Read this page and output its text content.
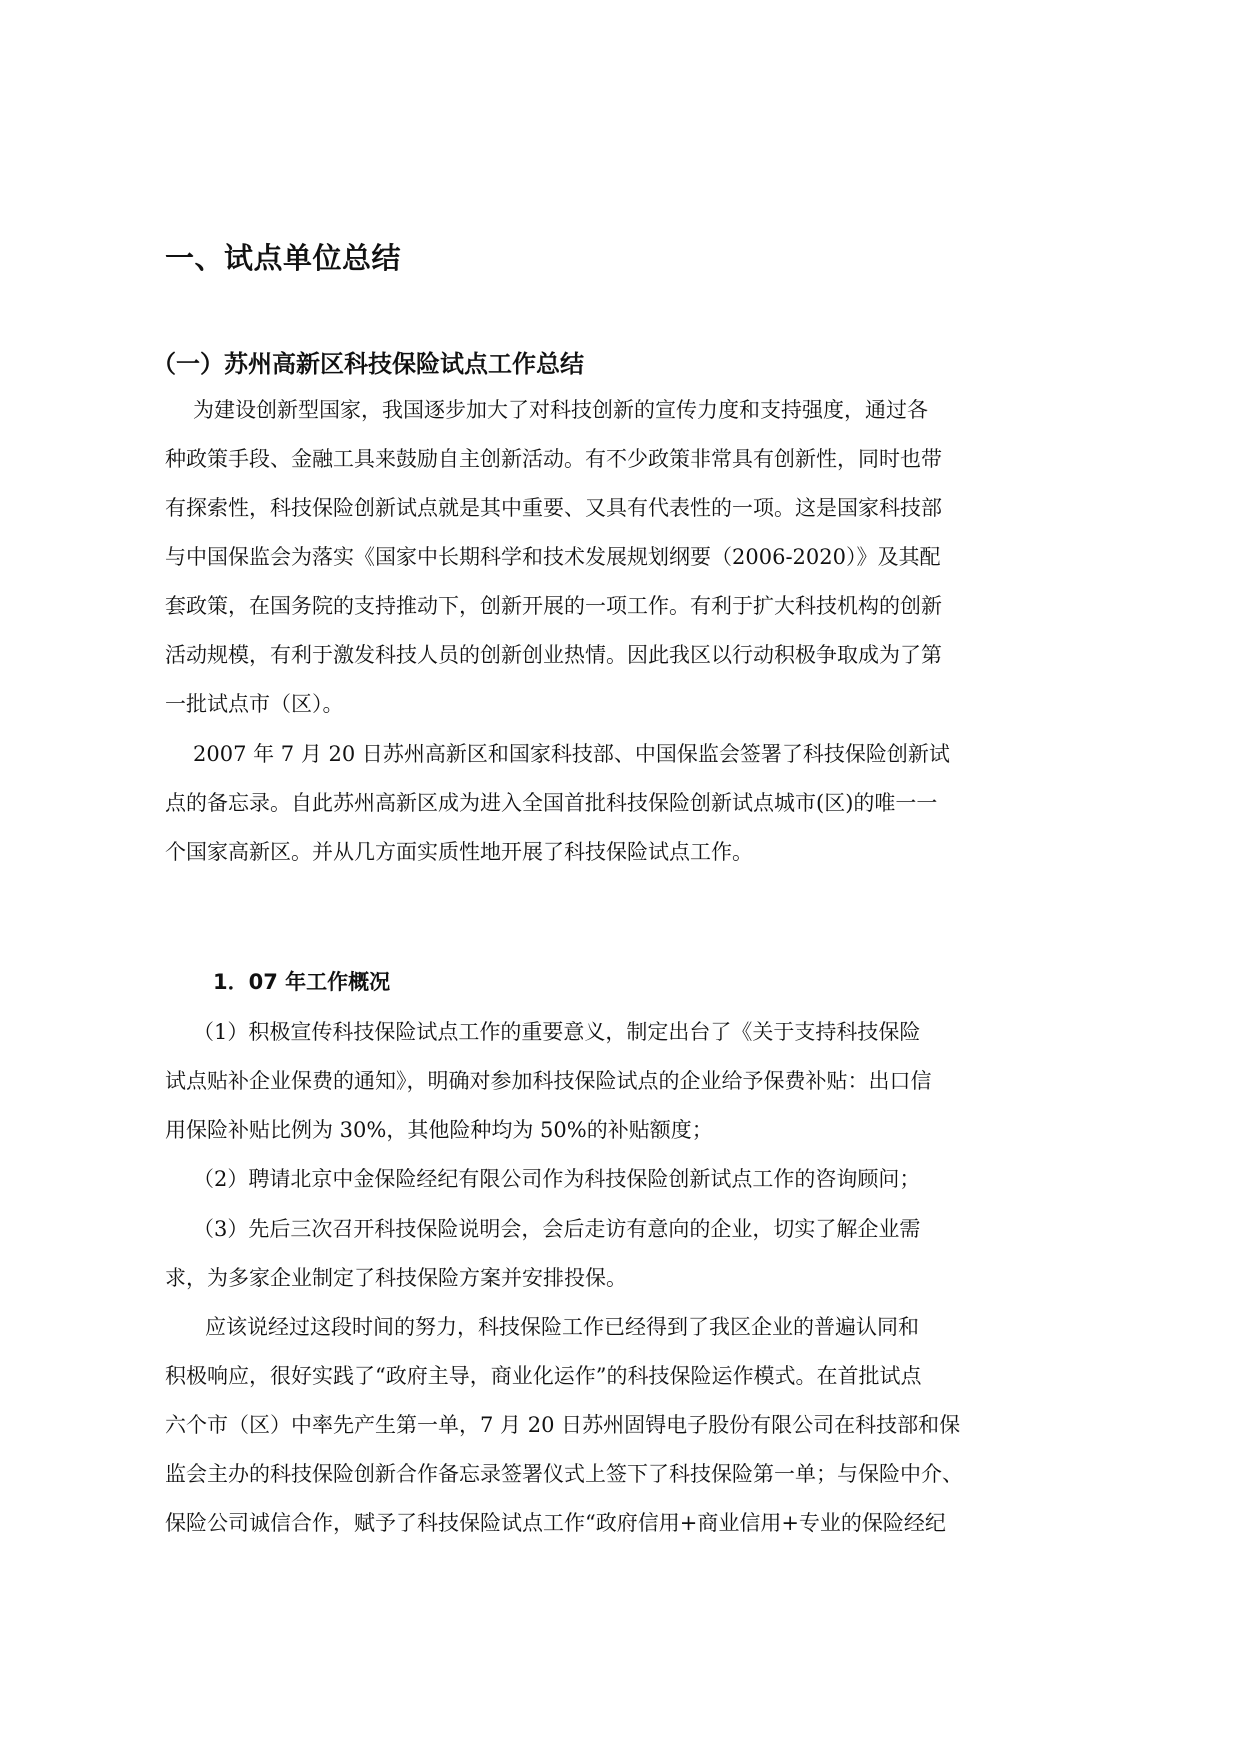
一、试点单位总结
（一）苏州高新区科技保险试点工作总结
为建设创新型国家，我国逐步加大了对科技创新的宣传力度和支持强度，通过各
种政策手段、金融工具来鼓励自主创新活动。有不少政策非常具有创新性，同时也带
有探索性，科技保险创新试点就是其中重要、又具有代表性的一项。这是国家科技部
与中国保监会为落实《国家中长期科学和技术发展规划纲要（2006-2020）》及其配
套政策，在国务院的支持推动下，创新开展的一项工作。有利于扩大科技机构的创新
活动规模，有利于激发科技人员的创新创业热情。因此我区以行动积极争取成为了第
一批试点市（区）。
2007 年 7 月 20 日苏州高新区和国家科技部、中国保监会签署了科技保险创新试
点的备忘录。自此苏州高新区成为进入全国首批科技保险创新试点城市(区)的唯一一
个国家高新区。并从几方面实质性地开展了科技保险试点工作。
1．07 年工作概况
（1）积极宣传科技保险试点工作的重要意义，制定出台了《关于支持科技保险
试点贴补企业保费的通知》，明确对参加科技保险试点的企业给予保费补贴：出口信
用保险补贴比例为 30%，其他险种均为 50%的补贴额度；
（2）聘请北京中金保险经纪有限公司作为科技保险创新试点工作的咨询顾问；
（3）先后三次召开科技保险说明会，会后走访有意向的企业，切实了解企业需
求，为多家企业制定了科技保险方案并安排投保。
应该说经过这段时间的努力，科技保险工作已经得到了我区企业的普遍认同和
积极响应，很好实践了“政府主导，商业化运作”的科技保险运作模式。在首批试点
六个市（区）中率先产生第一单，7 月 20 日苏州固锝电子股份有限公司在科技部和保
监会主办的科技保险创新合作备忘录签署仪式上签下了科技保险第一单；与保险中介、
保险公司诚信合作，赋予了科技保险试点工作“政府信用+商业信用+专业的保险经纪
